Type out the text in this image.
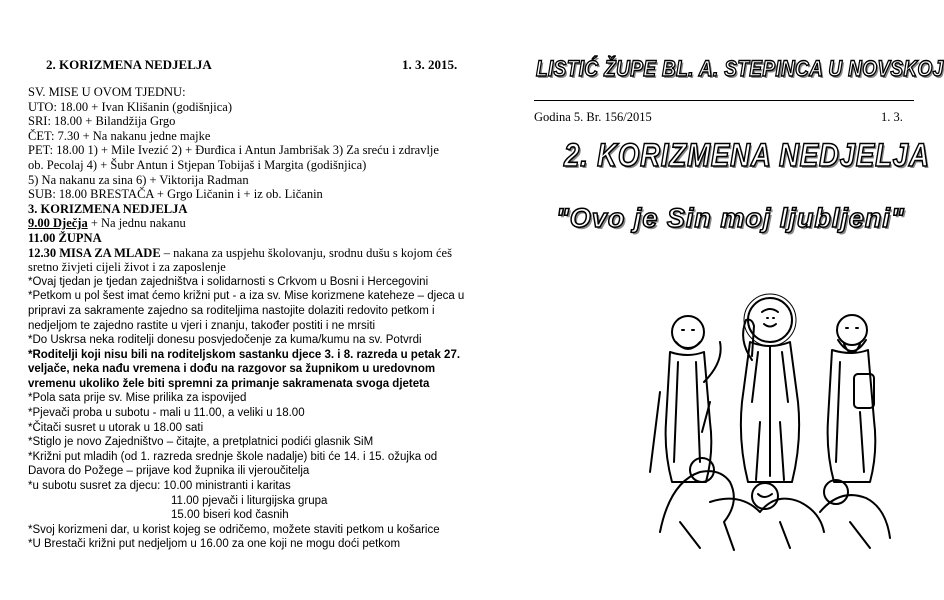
2. KORIZMENA NEDJELJA	1. 3. 2015.
SV. MISE U OVOM TJEDNU:
UTO: 18.00 + Ivan Klišanin (godišnjica)
SRI: 18.00 + Bilandžija Grgo
ČET: 7.30 + Na nakanu jedne majke
PET: 18.00 1) + Mile Ivezić 2) + Đurđica i Antun Jambrišak 3) Za sreću i zdravlje
ob. Pecolaj 4) + Šubr Antun i Stjepan Tobijaš i Margita (godišnjica)
5) Na nakanu za sina 6) + Viktorija Radman
SUB: 18.00 BRESTAČA + Grgo Ličanin i + iz ob. Ličanin
3. KORIZMENA NEDJELJA
9.00 Dječja + Na jednu nakanu
11.00 ŽUPNA
12.30 MISA ZA MLADE – nakana za uspjehu školovanju, srodnu dušu s kojom ćeš
sretno živjeti cijeli život i za zaposlenje
*Ovaj tjedan je tjedan zajedništva i solidarnosti s Crkvom u Bosni i Hercegovini
*Petkom u pol šest imat ćemo križni put - a iza sv. Mise korizmene kateheze – djeca u
pripravi za sakramente zajedno sa roditeljima nastojite dolaziti redovito petkom i
nedjeljom te zajedno rastite u vjeri i znanju, također postiti i ne mrsiti
*Do Uskrsa neka roditelji donesu posvjedočenje za kuma/kumu na sv. Potvrdi
*Roditelji koji nisu bili na roditeljskom sastanku djece 3. i 8. razreda u petak 27.
veljače, neka nađu vremena i dođu na razgovor sa župnikom u uredovnom
vremenu ukoliko žele biti spremni za primanje sakramenata svoga djeteta
*Pola sata prije sv. Mise prilika za ispovijed
*Pjevači proba u subotu - mali u 11.00, a veliki u 18.00
*Čitači susret u utorak u 18.00 sati
*Stiglo je novo Zajedništvo – čitajte, a pretplatnici podići glasnik SiM
*Križni put mladih (od 1. razreda srednje škole nadalje) biti će 14. i 15. ožujka od
Davora do Požege – prijave kod župnika ili vjeroučitelja
*u subotu susret za djecu: 10.00 ministranti i karitas
11.00 pjevači i liturgijska grupa
15.00 biseri kod časnih
*Svoj korizmeni dar, u korist kojeg se odričemo, možete staviti petkom u košarice
*U Brestači križni put nedjeljom u 16.00 za one koji ne mogu doći petkom
LISTIĆ ŽUPE BL. A. STEPINCA U NOVSKOJ
Godina 5. Br. 156/2015	1. 3.
2. KORIZMENA NEDJELJA
"Ovo je Sin moj ljubljeni"
